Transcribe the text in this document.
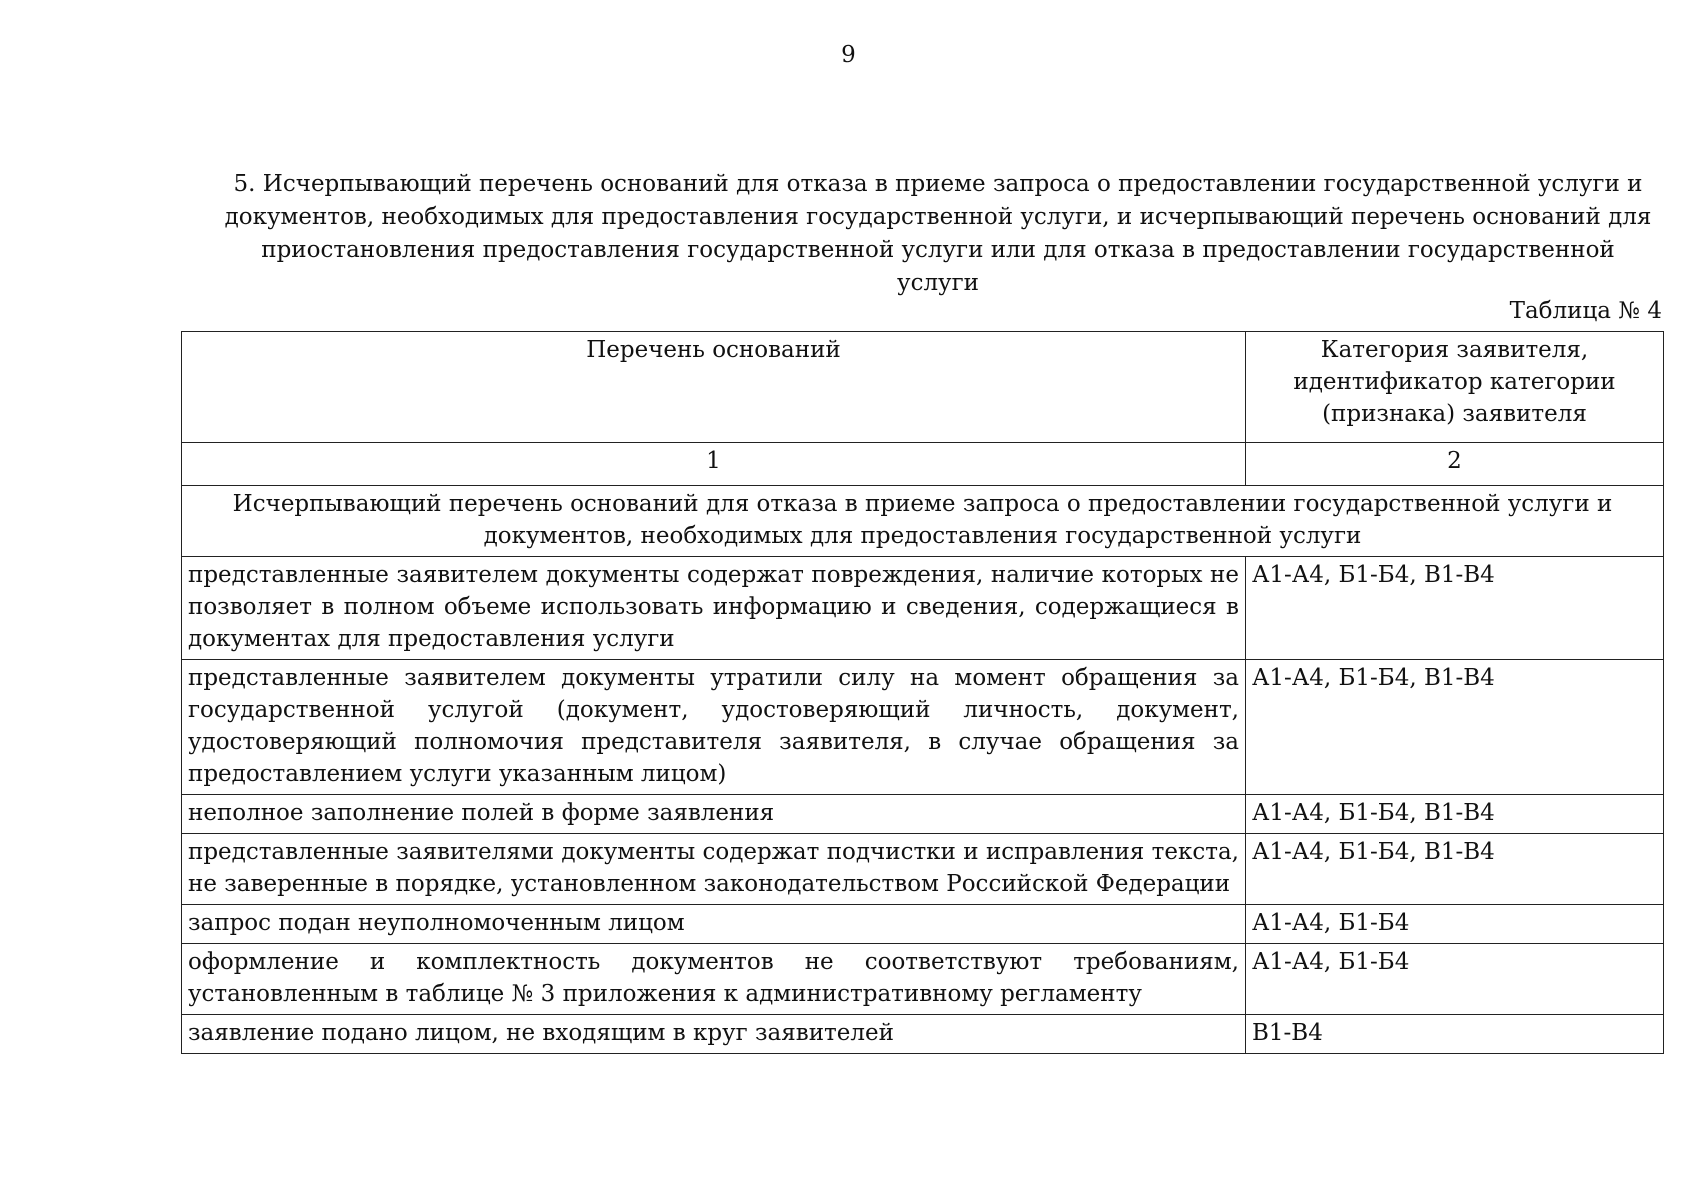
9
5. Исчерпывающий перечень оснований для отказа в приеме запроса о предоставлении государственной услуги и документов, необходимых для предоставления государственной услуги, и исчерпывающий перечень оснований для приостановления предоставления государственной услуги или для отказа в предоставлении государственной услуги
Таблица № 4
Перечень оснований	Категория заявителя, идентификатор категории (признака) заявителя
1	2
Исчерпывающий перечень оснований для отказа в приеме запроса о предоставлении государственной услуги и документов, необходимых для предоставления государственной услуги	
представленные заявителем документы содержат повреждения, наличие которых не позволяет в полном объеме использовать информацию и сведения, содержащиеся в документах для предоставления услуги	А1-А4, Б1-Б4, В1-В4
представленные заявителем документы утратили силу на момент обращения за государственной услугой (документ, удостоверяющий личность, документ, удостоверяющий полномочия представителя заявителя, в случае обращения за предоставлением услуги указанным лицом)	А1-А4, Б1-Б4, В1-В4
неполное заполнение полей в форме заявления	А1-А4, Б1-Б4, В1-В4
представленные заявителями документы содержат подчистки и исправления текста, не заверенные в порядке, установленном законодательством Российской Федерации	А1-А4, Б1-Б4, В1-В4
запрос подан неуполномоченным лицом	А1-А4, Б1-Б4
оформление и комплектность документов не соответствуют требованиям, установленным в таблице № 3 приложения к административному регламенту	А1-А4, Б1-Б4
заявление подано лицом, не входящим в круг заявителей	В1-В4
